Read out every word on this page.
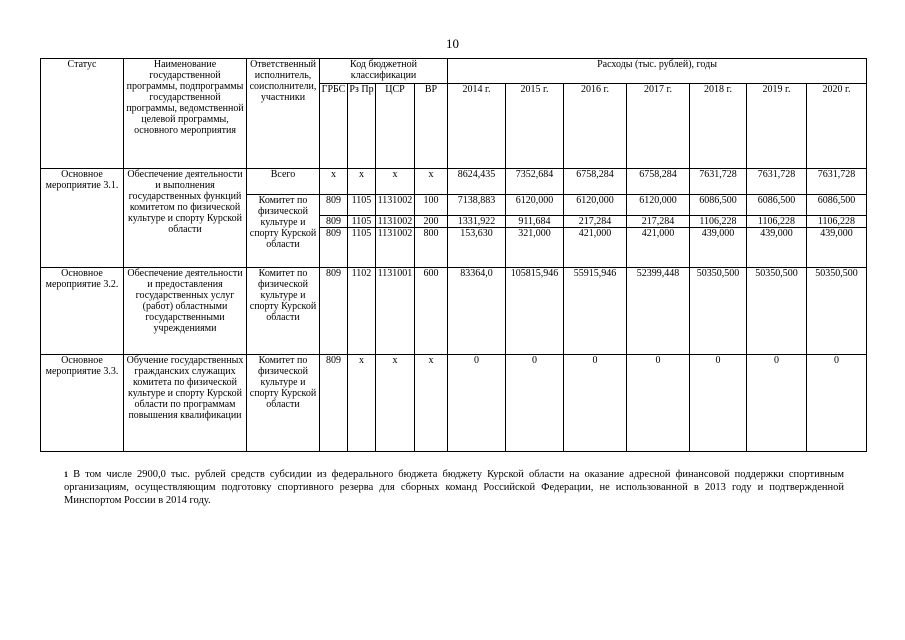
10
Статус	Наименование государственной программы, подпрограммы государственной программы, ведомственной целевой программы, основного мероприятия	Ответственный исполнитель, соисполнители, участники	Код бюджетной классификации				Расходы (тыс. рублей), годы						
			ГРБС	Рз Пр	ЦСР	ВР	2014 г.	2015 г.	2016 г.	2017 г.	2018 г.	2019 г.	2020 г.
Основное мероприятие 3.1.	Обеспечение деятельности и выполнения государственных функций комитетом по физической культуре и спорту Курской области	Всего	х	х	х	х	8624,435	7352,684	6758,284	6758,284	7631,728	7631,728	7631,728
		Комитет по физической культуре и спорту Курской области	809	1105	1131002	100	7138,883	6120,000	6120,000	6120,000	6086,500	6086,500	6086,500
			809	1105	1131002	200	1331,922	911,684	217,284	217,284	1106,228	1106,228	1106,228
			809	1105	1131002	800	153,630	321,000	421,000	421,000	439,000	439,000	439,000
Основное мероприятие 3.2.	Обеспечение деятельности и предоставления государственных услуг (работ) областными государственными учреждениями	Комитет по физической культуре и спорту Курской области	809	1102	1131001	600	83364,0	105815,946	55915,946	52399,448	50350,500	50350,500	50350,500
Основное мероприятие 3.3.	Обучение государственных гражданских служащих комитета по физической культуре и спорту Курской области по программам повышения квалификации	Комитет по физической культуре и спорту Курской области	809	х	х	х	0	0	0	0	0	0	0
$^1$ В том числе 2900,0 тыс. рублей средств субсидии из федерального бюджета бюджету Курской области на оказание адресной финансовой поддержки спортивным организациям, осуществляющим подготовку спортивного резерва для сборных команд Российской Федерации, не использованной в 2013 году и подтвержденной Минспортом России в 2014 году.
